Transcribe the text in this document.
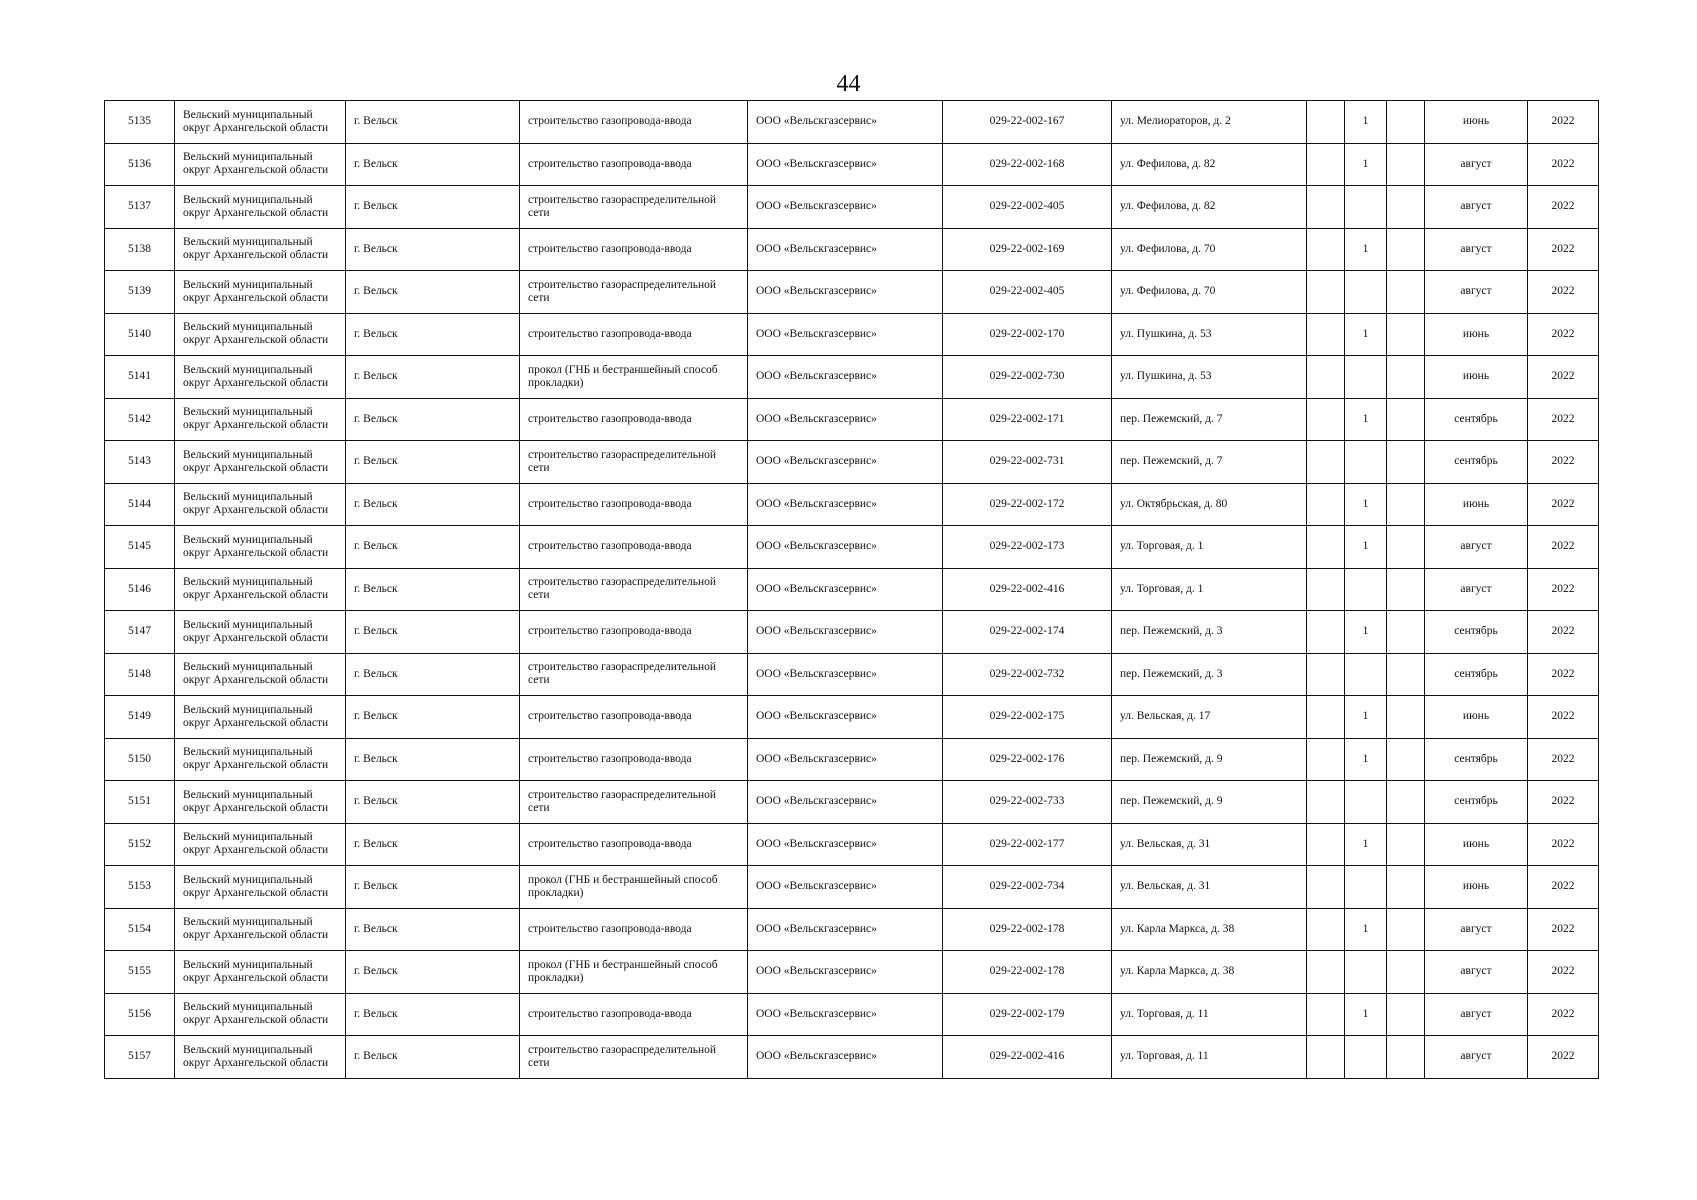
44
5135	Вельский муниципальный округ Архангельской области	г. Вельск	строительство газопровода-ввода	ООО «Вельскгазсервис»	029-22-002-167	ул. Мелиораторов, д. 2		1		июнь	2022
5136	Вельский муниципальный округ Архангельской области	г. Вельск	строительство газопровода-ввода	ООО «Вельскгазсервис»	029-22-002-168	ул. Фефилова, д. 82		1		август	2022
5137	Вельский муниципальный округ Архангельской области	г. Вельск	строительство газораспределительной сети	ООО «Вельскгазсервис»	029-22-002-405	ул. Фефилова, д. 82				август	2022
5138	Вельский муниципальный округ Архангельской области	г. Вельск	строительство газопровода-ввода	ООО «Вельскгазсервис»	029-22-002-169	ул. Фефилова, д. 70		1		август	2022
5139	Вельский муниципальный округ Архангельской области	г. Вельск	строительство газораспределительной сети	ООО «Вельскгазсервис»	029-22-002-405	ул. Фефилова, д. 70				август	2022
5140	Вельский муниципальный округ Архангельской области	г. Вельск	строительство газопровода-ввода	ООО «Вельскгазсервис»	029-22-002-170	ул. Пушкина, д. 53		1		июнь	2022
5141	Вельский муниципальный округ Архангельской области	г. Вельск	прокол (ГНБ и бестраншейный способ прокладки)	ООО «Вельскгазсервис»	029-22-002-730	ул. Пушкина, д. 53				июнь	2022
5142	Вельский муниципальный округ Архангельской области	г. Вельск	строительство газопровода-ввода	ООО «Вельскгазсервис»	029-22-002-171	пер. Пежемский, д. 7		1		сентябрь	2022
5143	Вельский муниципальный округ Архангельской области	г. Вельск	строительство газораспределительной сети	ООО «Вельскгазсервис»	029-22-002-731	пер. Пежемский, д. 7				сентябрь	2022
5144	Вельский муниципальный округ Архангельской области	г. Вельск	строительство газопровода-ввода	ООО «Вельскгазсервис»	029-22-002-172	ул. Октябрьская, д. 80		1		июнь	2022
5145	Вельский муниципальный округ Архангельской области	г. Вельск	строительство газопровода-ввода	ООО «Вельскгазсервис»	029-22-002-173	ул. Торговая, д. 1		1		август	2022
5146	Вельский муниципальный округ Архангельской области	г. Вельск	строительство газораспределительной сети	ООО «Вельскгазсервис»	029-22-002-416	ул. Торговая, д. 1				август	2022
5147	Вельский муниципальный округ Архангельской области	г. Вельск	строительство газопровода-ввода	ООО «Вельскгазсервис»	029-22-002-174	пер. Пежемский, д. 3		1		сентябрь	2022
5148	Вельский муниципальный округ Архангельской области	г. Вельск	строительство газораспределительной сети	ООО «Вельскгазсервис»	029-22-002-732	пер. Пежемский, д. 3				сентябрь	2022
5149	Вельский муниципальный округ Архангельской области	г. Вельск	строительство газопровода-ввода	ООО «Вельскгазсервис»	029-22-002-175	ул. Вельская, д. 17		1		июнь	2022
5150	Вельский муниципальный округ Архангельской области	г. Вельск	строительство газопровода-ввода	ООО «Вельскгазсервис»	029-22-002-176	пер. Пежемский, д. 9		1		сентябрь	2022
5151	Вельский муниципальный округ Архангельской области	г. Вельск	строительство газораспределительной сети	ООО «Вельскгазсервис»	029-22-002-733	пер. Пежемский, д. 9				сентябрь	2022
5152	Вельский муниципальный округ Архангельской области	г. Вельск	строительство газопровода-ввода	ООО «Вельскгазсервис»	029-22-002-177	ул. Вельская, д. 31		1		июнь	2022
5153	Вельский муниципальный округ Архангельской области	г. Вельск	прокол (ГНБ и бестраншейный способ прокладки)	ООО «Вельскгазсервис»	029-22-002-734	ул. Вельская, д. 31				июнь	2022
5154	Вельский муниципальный округ Архангельской области	г. Вельск	строительство газопровода-ввода	ООО «Вельскгазсервис»	029-22-002-178	ул. Карла Маркса, д. 38		1		август	2022
5155	Вельский муниципальный округ Архангельской области	г. Вельск	прокол (ГНБ и бестраншейный способ прокладки)	ООО «Вельскгазсервис»	029-22-002-178	ул. Карла Маркса, д. 38				август	2022
5156	Вельский муниципальный округ Архангельской области	г. Вельск	строительство газопровода-ввода	ООО «Вельскгазсервис»	029-22-002-179	ул. Торговая, д. 11		1		август	2022
5157	Вельский муниципальный округ Архангельской области	г. Вельск	строительство газораспределительной сети	ООО «Вельскгазсервис»	029-22-002-416	ул. Торговая, д. 11				август	2022
